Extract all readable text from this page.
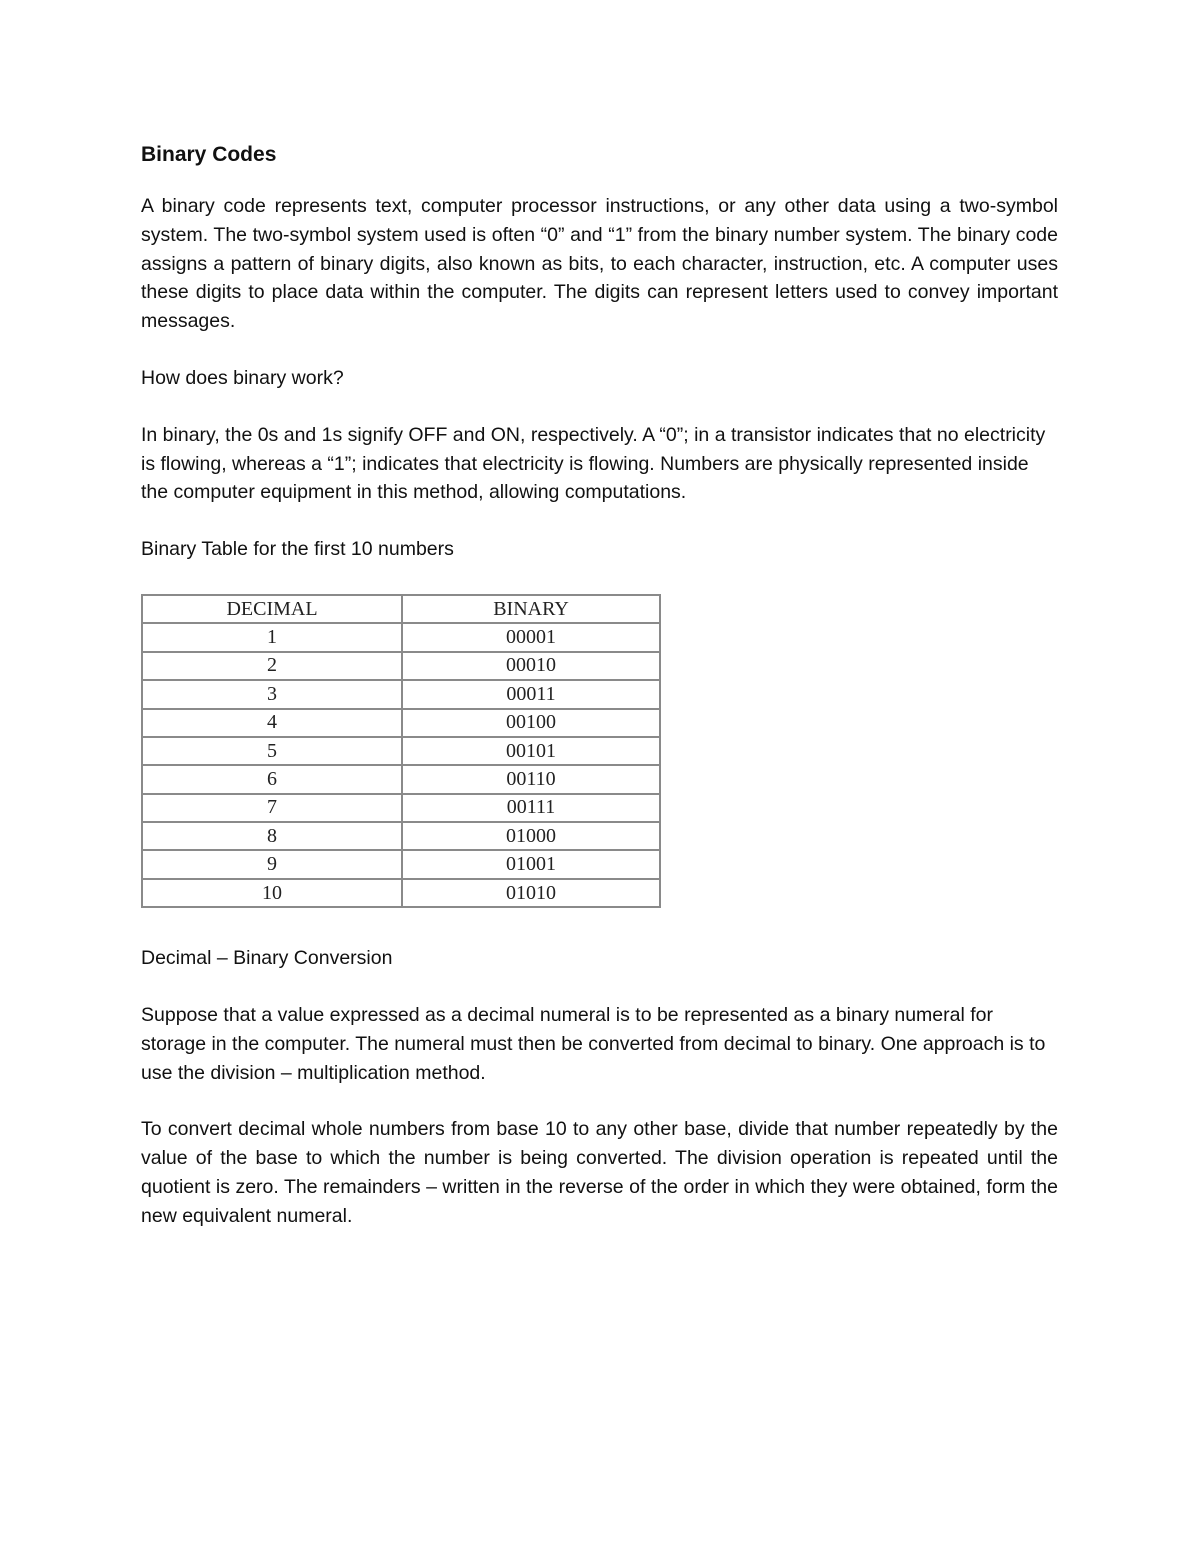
Binary Codes

A binary code represents text, computer processor instructions, or any other data using a two-symbol system. The two-symbol system used is often “0” and “1” from the binary number system. The binary code assigns a pattern of binary digits, also known as bits, to each character, instruction, etc. A computer uses these digits to place data within the computer. The digits can represent letters used to convey important messages.

How does binary work?

In binary, the 0s and 1s signify OFF and ON, respectively. A “0”; in a transistor indicates that no electricity is flowing, whereas a “1”; indicates that electricity is flowing. Numbers are physically represented inside the computer equipment in this method, allowing computations.

Binary Table for the first 10 numbers

DECIMAL	BINARY
1	00001
2	00010
3	00011
4	00100
5	00101
6	00110
7	00111
8	01000
9	01001
10	01010

Decimal – Binary Conversion

Suppose that a value expressed as a decimal numeral is to be represented as a binary numeral for storage in the computer. The numeral must then be converted from decimal to binary. One approach is to use the division – multiplication method.

To convert decimal whole numbers from base 10 to any other base, divide that number repeatedly by the value of the base to which the number is being converted. The division operation is repeated until the quotient is zero. The remainders – written in the reverse of the order in which they were obtained, form the new equivalent numeral.
